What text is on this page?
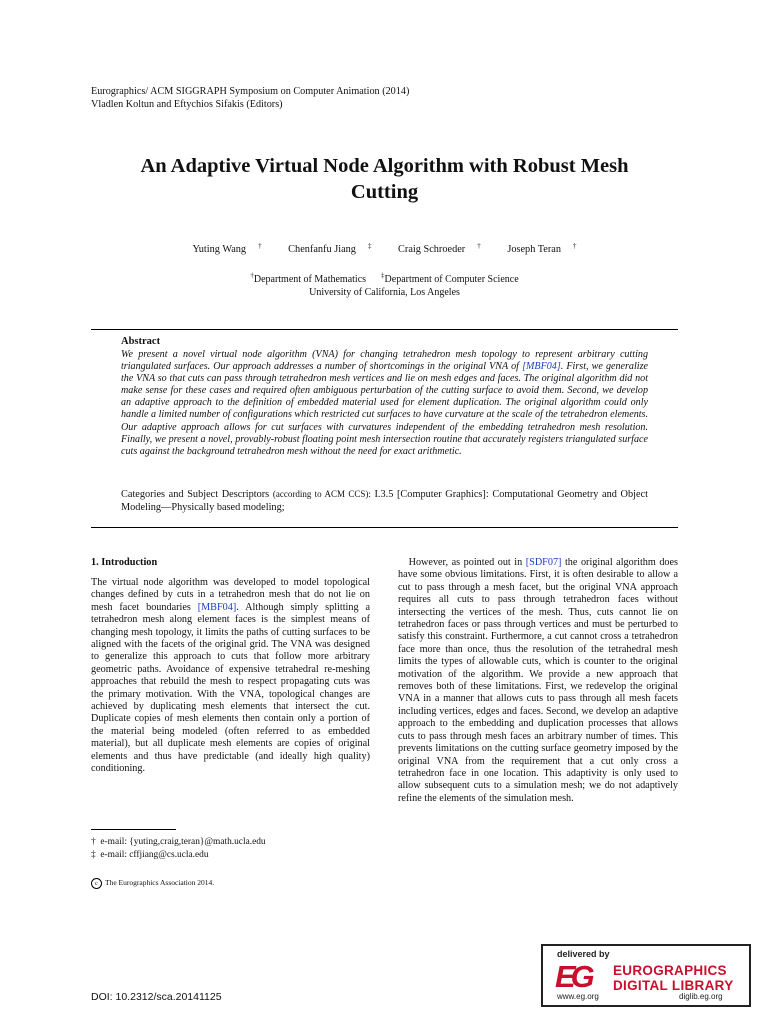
Eurographics/ ACM SIGGRAPH Symposium on Computer Animation (2014)
Vladlen Koltun and Eftychios Sifakis (Editors)
An Adaptive Virtual Node Algorithm with Robust Mesh
Cutting
Yuting Wang †	Chenfanfu Jiang ‡	Craig Schroeder †	Joseph Teran †
†Department of Mathematics ‡Department of Computer Science
University of California, Los Angeles
Abstract
We present a novel virtual node algorithm (VNA) for changing tetrahedron mesh topology to represent arbitrary cutting triangulated surfaces. Our approach addresses a number of shortcomings in the original VNA of [MBF04]. First, we generalize the VNA so that cuts can pass through tetrahedron mesh vertices and lie on mesh edges and faces. The original algorithm did not make sense for these cases and required often ambiguous perturbation of the cutting surface to avoid them. Second, we develop an adaptive approach to the definition of embedded material used for element duplication. The original algorithm could only handle a limited number of configurations which restricted cut surfaces to have curvature at the scale of the tetrahedron elements. Our adaptive approach allows for cut surfaces with curvatures independent of the embedding tetrahedron mesh resolution. Finally, we present a novel, provably-robust floating point mesh intersection routine that accurately registers triangulated surface cuts against the background tetrahedron mesh without the need for exact arithmetic.
Categories and Subject Descriptors (according to ACM CCS): I.3.5 [Computer Graphics]: Computational Geometry and Object Modeling—Physically based modeling;
1. Introduction
The virtual node algorithm was developed to model topological changes defined by cuts in a tetrahedron mesh that do not lie on mesh facet boundaries [MBF04]. Although simply splitting a tetrahedron mesh along element faces is the simplest means of changing mesh topology, it limits the paths of cutting surfaces to be aligned with the facets of the original grid. The VNA was designed to generalize this approach to cuts that follow more arbitrary geometric paths. Avoidance of expensive tetrahedral re-meshing approaches that rebuild the mesh to respect propagating cuts was the primary motivation. With the VNA, topological changes are achieved by duplicating mesh elements that intersect the cut. Duplicate copies of mesh elements then contain only a portion of the material being modeled (often referred to as embedded material), but all duplicate mesh elements are copies of original elements and thus have predictable (and ideally high quality) conditioning.
However, as pointed out in [SDF07] the original algorithm does have some obvious limitations. First, it is often desirable to allow a cut to pass through a mesh facet, but the original VNA approach requires all cuts to pass through tetrahedron faces without intersecting the vertices of the mesh. Thus, cuts cannot lie on tetrahedron faces or pass through vertices and must be perturbed to satisfy this constraint. Furthermore, a cut cannot cross a tetrahedron face more than once, thus the resolution of the tetrahedral mesh limits the types of allowable cuts, which is counter to the original motivation of the algorithm. We provide a new approach that removes both of these limitations. First, we redevelop the original VNA in a manner that allows cuts to pass through all mesh facets including vertices, edges and faces. Second, we develop an adaptive approach to the embedding and duplication processes that allows cuts to pass through mesh faces an arbitrary number of times. This prevents limitations on the cutting surface geometry imposed by the original VNA from the requirement that a cut only cross a tetrahedron face in one location. This adaptivity is only used to allow subsequent cuts to a simulation mesh; we do not adaptively refine the elements of the simulation mesh.
† e-mail: {yuting,craig,teran}@math.ucla.edu
‡ e-mail: cffjiang@cs.ucla.edu
c The Eurographics Association 2014.
DOI: 10.2312/sca.20141125
delivered by
EG EUROGRAPHICS
DIGITAL LIBRARY
www.eg.org	diglib.eg.org
